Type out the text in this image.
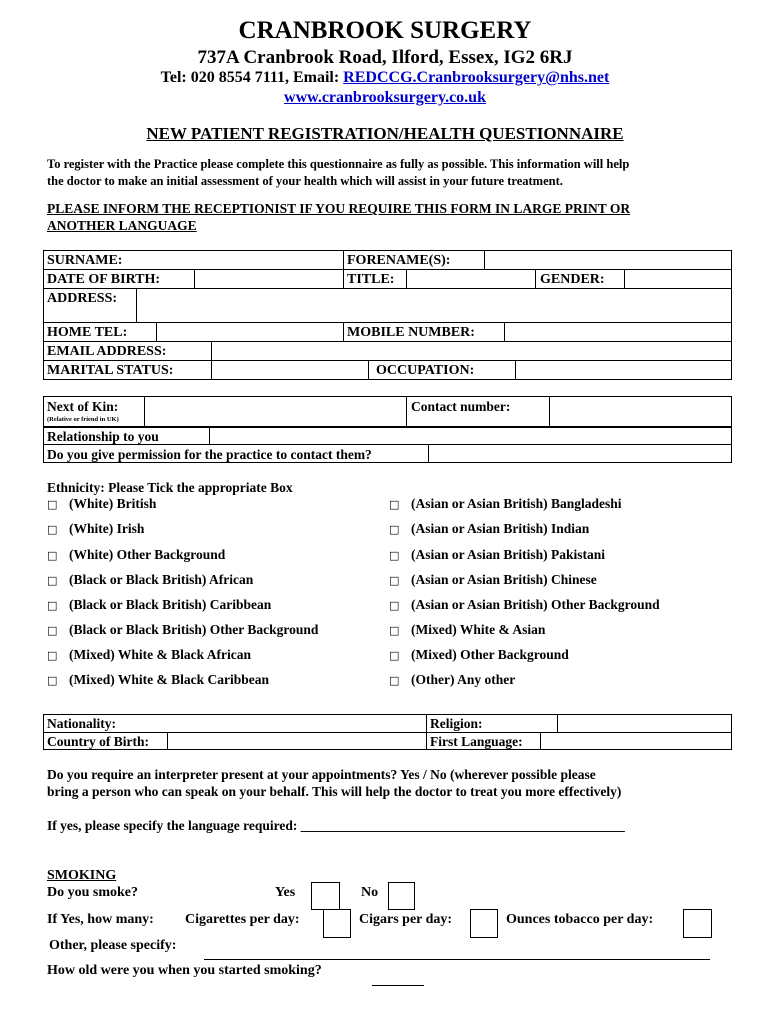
CRANBROOK SURGERY
737A Cranbrook Road, Ilford, Essex, IG2 6RJ
Tel: 020 8554 7111, Email: REDCCG.Cranbrooksurgery@nhs.net
www.cranbrooksurgery.co.uk
NEW PATIENT REGISTRATION/HEALTH QUESTIONNAIRE
To register with the Practice please complete this questionnaire as fully as possible. This information will help
the doctor to make an initial assessment of your health which will assist in your future treatment.
PLEASE INFORM THE RECEPTIONIST IF YOU REQUIRE THIS FORM IN LARGE PRINT OR
ANOTHER LANGUAGE
SURNAME:	FORENAME(S):
DATE OF BIRTH:	TITLE:	GENDER:
ADDRESS:
HOME TEL:	MOBILE NUMBER:
EMAIL ADDRESS:
MARITAL STATUS:	OCCUPATION:
Next of Kin:
(Relative or friend in UK)
Contact number:
Relationship to you
Do you give permission for the practice to contact them?
Ethnicity: Please Tick the appropriate Box
□ (White) British
□ (White) Irish
□ (White) Other Background
□ (Black or Black British) African
□ (Black or Black British) Caribbean
□ (Black or Black British) Other Background
□ (Mixed) White & Black African
□ (Mixed) White & Black Caribbean
□ (Asian or Asian British) Bangladeshi
□ (Asian or Asian British) Indian
□ (Asian or Asian British) Pakistani
□ (Asian or Asian British) Chinese
□ (Asian or Asian British) Other Background
□ (Mixed) White & Asian
□ (Mixed) Other Background
□ (Other) Any other
Nationality:	Religion:
Country of Birth:	First Language:
Do you require an interpreter present at your appointments? Yes / No (wherever possible please
bring a person who can speak on your behalf. This will help the doctor to treat you more effectively)
If yes, please specify the language required: ________________________________________________
SMOKING
Do you smoke?	Yes	No
If Yes, how many: Cigarettes per day:	Cigars per day:	Ounces tobacco per day:
Other, please specify:
How old were you when you started smoking?
